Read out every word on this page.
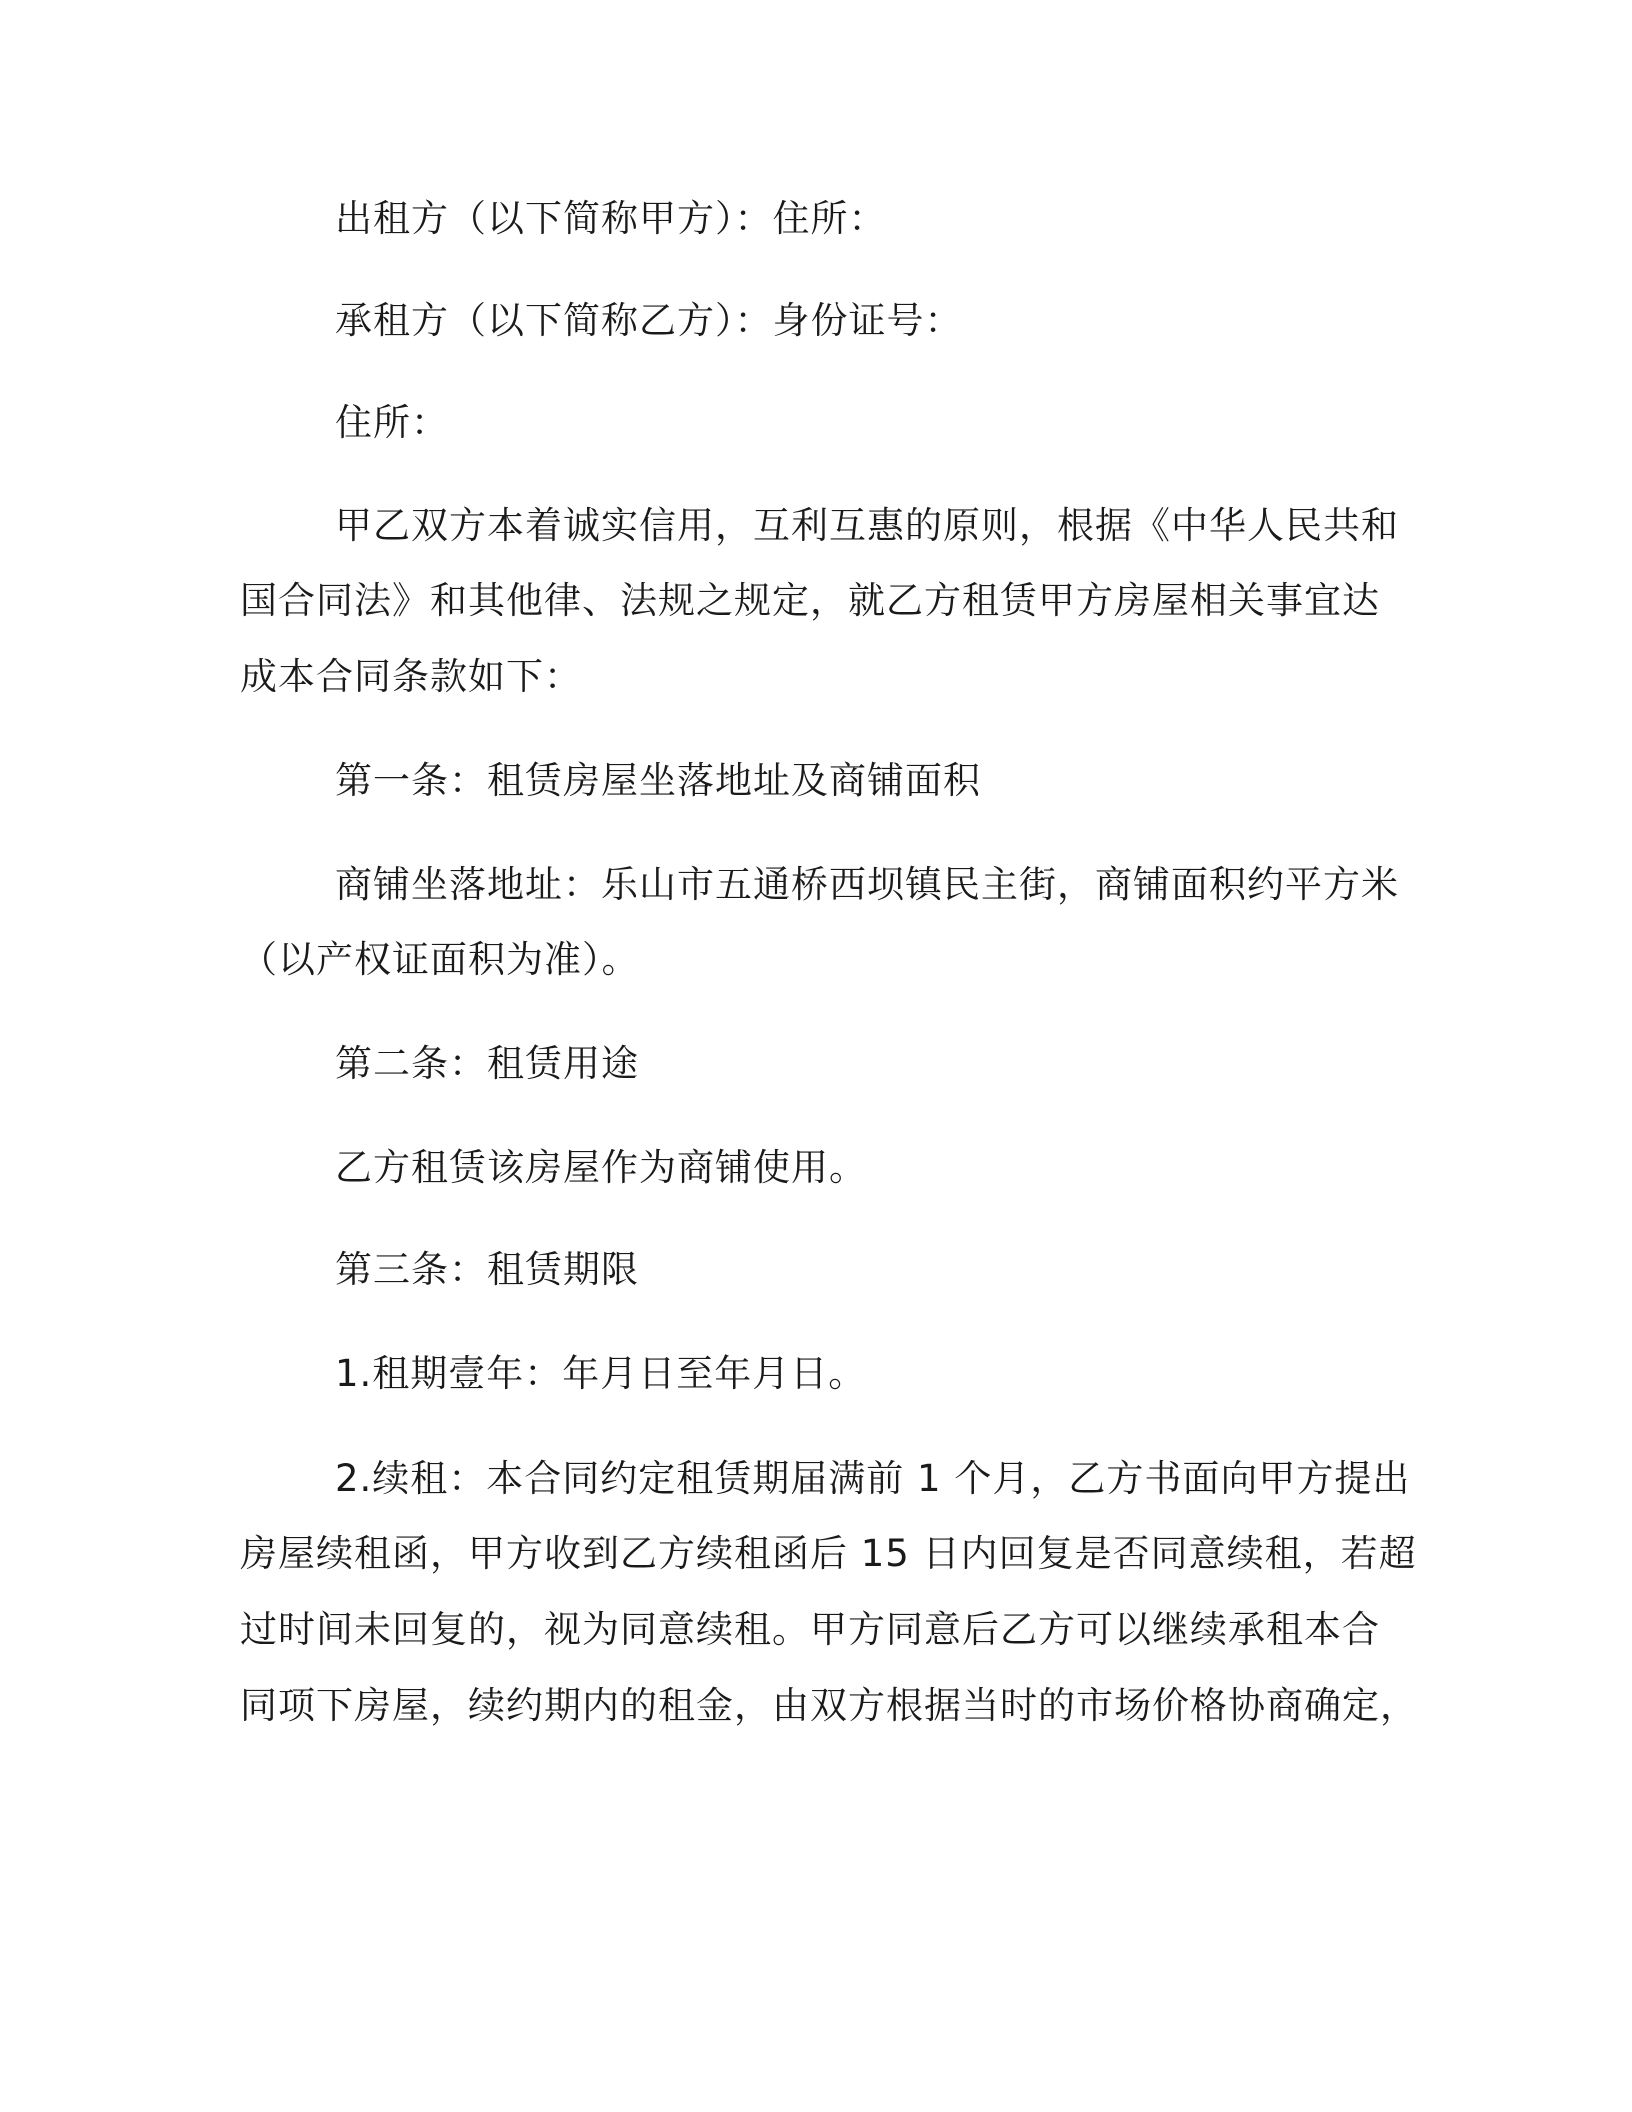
出租方（以下简称甲方）：住所：
承租方（以下简称乙方）：身份证号：
住所：
甲乙双方本着诚实信用，互利互惠的原则，根据《中华人民共和
国合同法》和其他律、法规之规定，就乙方租赁甲方房屋相关事宜达
成本合同条款如下：
第一条：租赁房屋坐落地址及商铺面积
商铺坐落地址：乐山市五通桥西坝镇民主街，商铺面积约平方米
（以产权证面积为准）。
第二条：租赁用途
乙方租赁该房屋作为商铺使用。
第三条：租赁期限
1.租期壹年：年月日至年月日。
2.续租：本合同约定租赁期届满前 1 个月，乙方书面向甲方提出
房屋续租函，甲方收到乙方续租函后 15 日内回复是否同意续租，若超
过时间未回复的，视为同意续租。甲方同意后乙方可以继续承租本合
同项下房屋，续约期内的租金，由双方根据当时的市场价格协商确定，
